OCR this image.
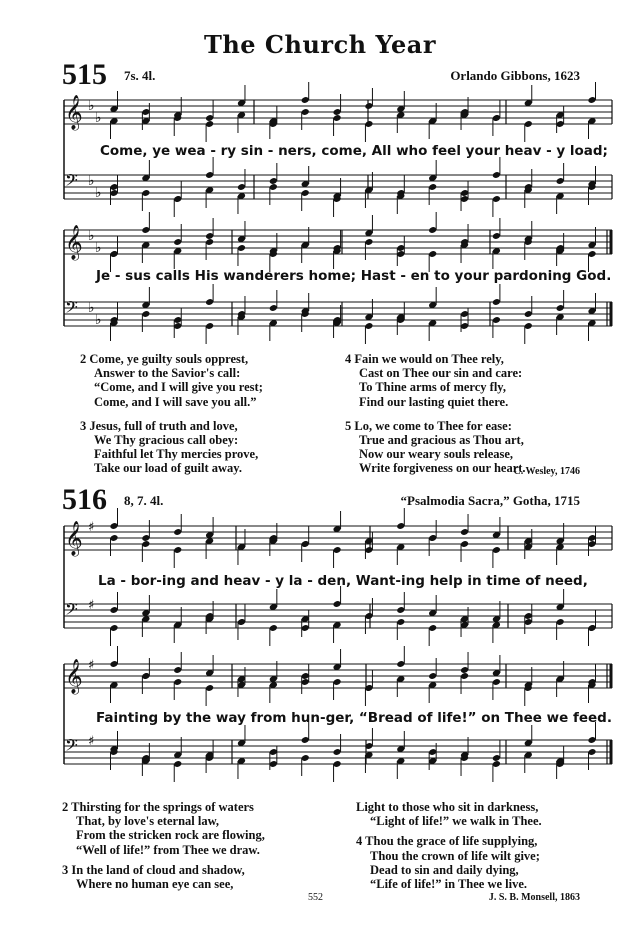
The Church Year
515 7s. 4l.	Orlando Gibbons, 1623
516 8, 7. 4l.	“Psalmodia Sacra,” Gotha, 1715
𝄞 ♭
♭
𝄢 ♭
♭
𝄞 ♭
♭
𝄢 ♭
♭
𝄞 ♯
𝄢 ♯
𝄞 ♯
𝄢 ♯
Come, ye wea - ry sin - ners, come, All who feel your heav - y load;
Je - sus calls His wanderers home; Hast - en to your pardoning God.
La - bor-ing and heav - y la - den, Want-ing help in time of need,
Fainting by the way from hun-ger, “Bread of life!” on Thee we feed.
2 Come, ye guilty souls opprest,
Answer to the Savior's call:
“Come, and I will give you rest;
Come, and I will save you all.”
3 Jesus, full of truth and love,
We Thy gracious call obey:
Faithful let Thy mercies prove,
Take our load of guilt away.
4 Fain we would on Thee rely,
Cast on Thee our sin and care:
To Thine arms of mercy fly,
Find our lasting quiet there.
5 Lo, we come to Thee for ease:
True and gracious as Thou art,
Now our weary souls release,
Write forgiveness on our heart.
C. Wesley, 1746
2 Thirsting for the springs of waters
That, by love's eternal law,
From the stricken rock are flowing,
“Well of life!” from Thee we draw.
3 In the land of cloud and shadow,
Where no human eye can see,
Light to those who sit in darkness,
“Light of life!” we walk in Thee.
4 Thou the grace of life supplying,
Thou the crown of life wilt give;
Dead to sin and daily dying,
“Life of life!” in Thee we live.
552	J. S. B. Monsell, 1863
